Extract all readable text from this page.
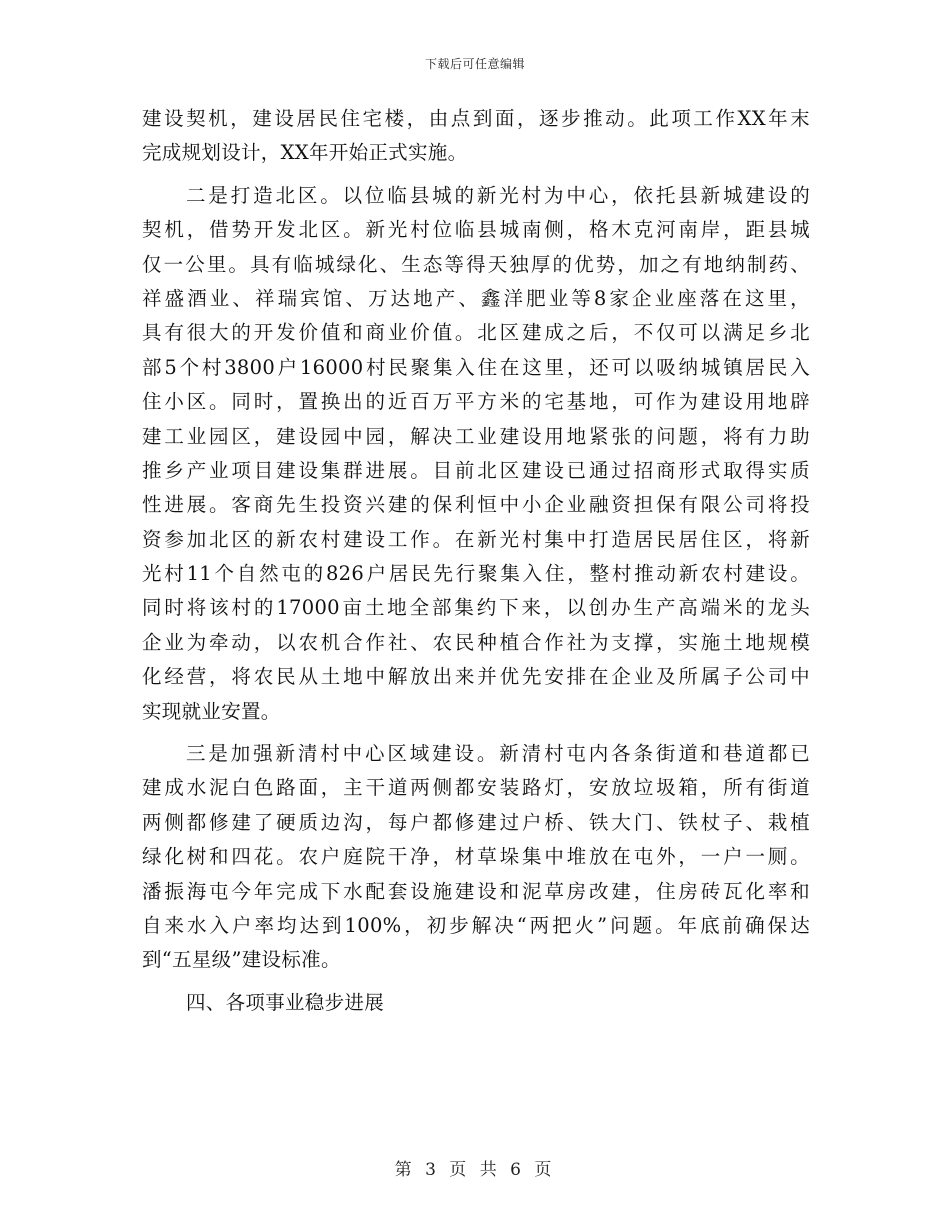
下载后可任意编辑
建设契机，建设居民住宅楼，由点到面，逐步推动。此项工作XX年末
完成规划设计，XX年开始正式实施。
二是打造北区。以位临县城的新光村为中心，依托县新城建设的
契机，借势开发北区。新光村位临县城南侧，格木克河南岸，距县城
仅一公里。具有临城绿化、生态等得天独厚的优势，加之有地纳制药、
祥盛酒业、祥瑞宾馆、万达地产、鑫洋肥业等8家企业座落在这里，
具有很大的开发价值和商业价值。北区建成之后，不仅可以满足乡北
部5个村3800户16000村民聚集入住在这里，还可以吸纳城镇居民入
住小区。同时，置换出的近百万平方米的宅基地，可作为建设用地辟
建工业园区，建设园中园，解决工业建设用地紧张的问题，将有力助
推乡产业项目建设集群进展。目前北区建设已通过招商形式取得实质
性进展。客商先生投资兴建的保利恒中小企业融资担保有限公司将投
资参加北区的新农村建设工作。在新光村集中打造居民居住区，将新
光村11个自然屯的826户居民先行聚集入住，整村推动新农村建设。
同时将该村的17000亩土地全部集约下来，以创办生产高端米的龙头
企业为牵动，以农机合作社、农民种植合作社为支撑，实施土地规模
化经营，将农民从土地中解放出来并优先安排在企业及所属子公司中
实现就业安置。
三是加强新清村中心区域建设。新清村屯内各条街道和巷道都已
建成水泥白色路面，主干道两侧都安装路灯，安放垃圾箱，所有街道
两侧都修建了硬质边沟，每户都修建过户桥、铁大门、铁杖子、栽植
绿化树和四花。农户庭院干净，材草垛集中堆放在屯外，一户一厕。
潘振海屯今年完成下水配套设施建设和泥草房改建，住房砖瓦化率和
自来水入户率均达到100%，初步解决“两把火”问题。年底前确保达
到“五星级”建设标准。
四、各项事业稳步进展
第 3 页 共 6 页
